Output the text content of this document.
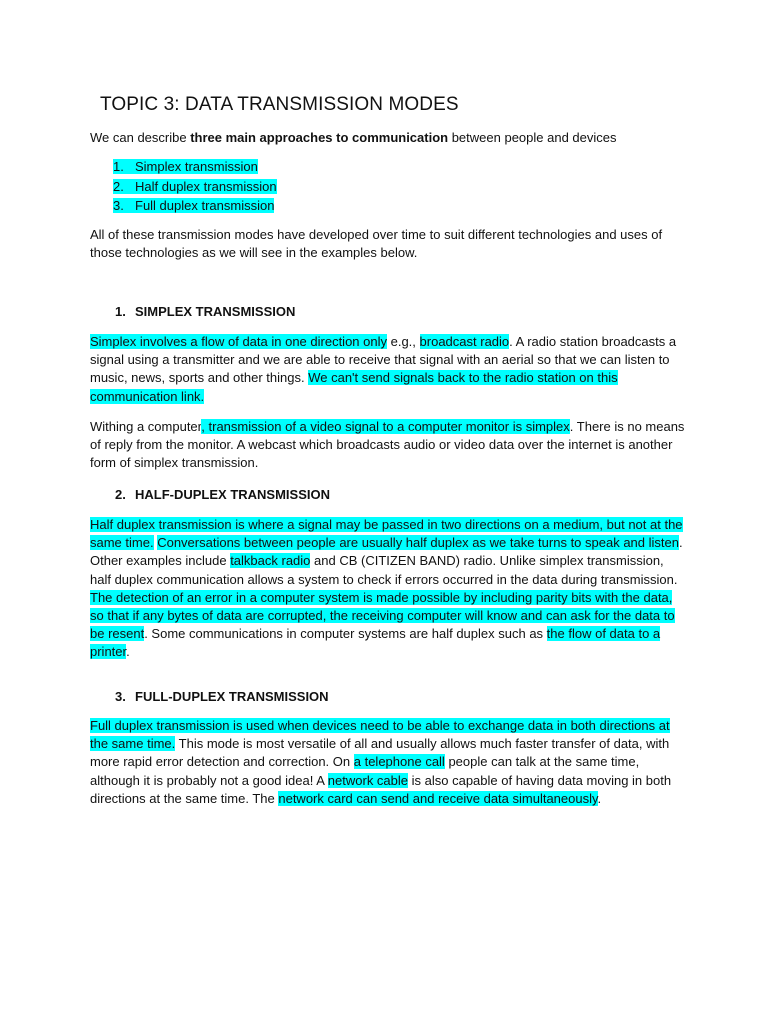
TOPIC 3: DATA TRANSMISSION MODES

We can describe three main approaches to communication between people and devices

1. Simplex transmission
2. Half duplex transmission
3. Full duplex transmission

All of these transmission modes have developed over time to suit different technologies and uses of those technologies as we will see in the examples below.

1. SIMPLEX TRANSMISSION

Simplex involves a flow of data in one direction only e.g., broadcast radio. A radio station broadcasts a signal using a transmitter and we are able to receive that signal with an aerial so that we can listen to music, news, sports and other things. We can't send signals back to the radio station on this communication link.

Withing a computer, transmission of a video signal to a computer monitor is simplex. There is no means of reply from the monitor. A webcast which broadcasts audio or video data over the internet is another form of simplex transmission.

2. HALF-DUPLEX TRANSMISSION

Half duplex transmission is where a signal may be passed in two directions on a medium, but not at the same time. Conversations between people are usually half duplex as we take turns to speak and listen. Other examples include talkback radio and CB (CITIZEN BAND) radio. Unlike simplex transmission, half duplex communication allows a system to check if errors occurred in the data during transmission. The detection of an error in a computer system is made possible by including parity bits with the data, so that if any bytes of data are corrupted, the receiving computer will know and can ask for the data to be resent. Some communications in computer systems are half duplex such as the flow of data to a printer.

3. FULL-DUPLEX TRANSMISSION

Full duplex transmission is used when devices need to be able to exchange data in both directions at the same time. This mode is most versatile of all and usually allows much faster transfer of data, with more rapid error detection and correction. On a telephone call people can talk at the same time, although it is probably not a good idea! A network cable is also capable of having data moving in both directions at the same time. The network card can send and receive data simultaneously.
